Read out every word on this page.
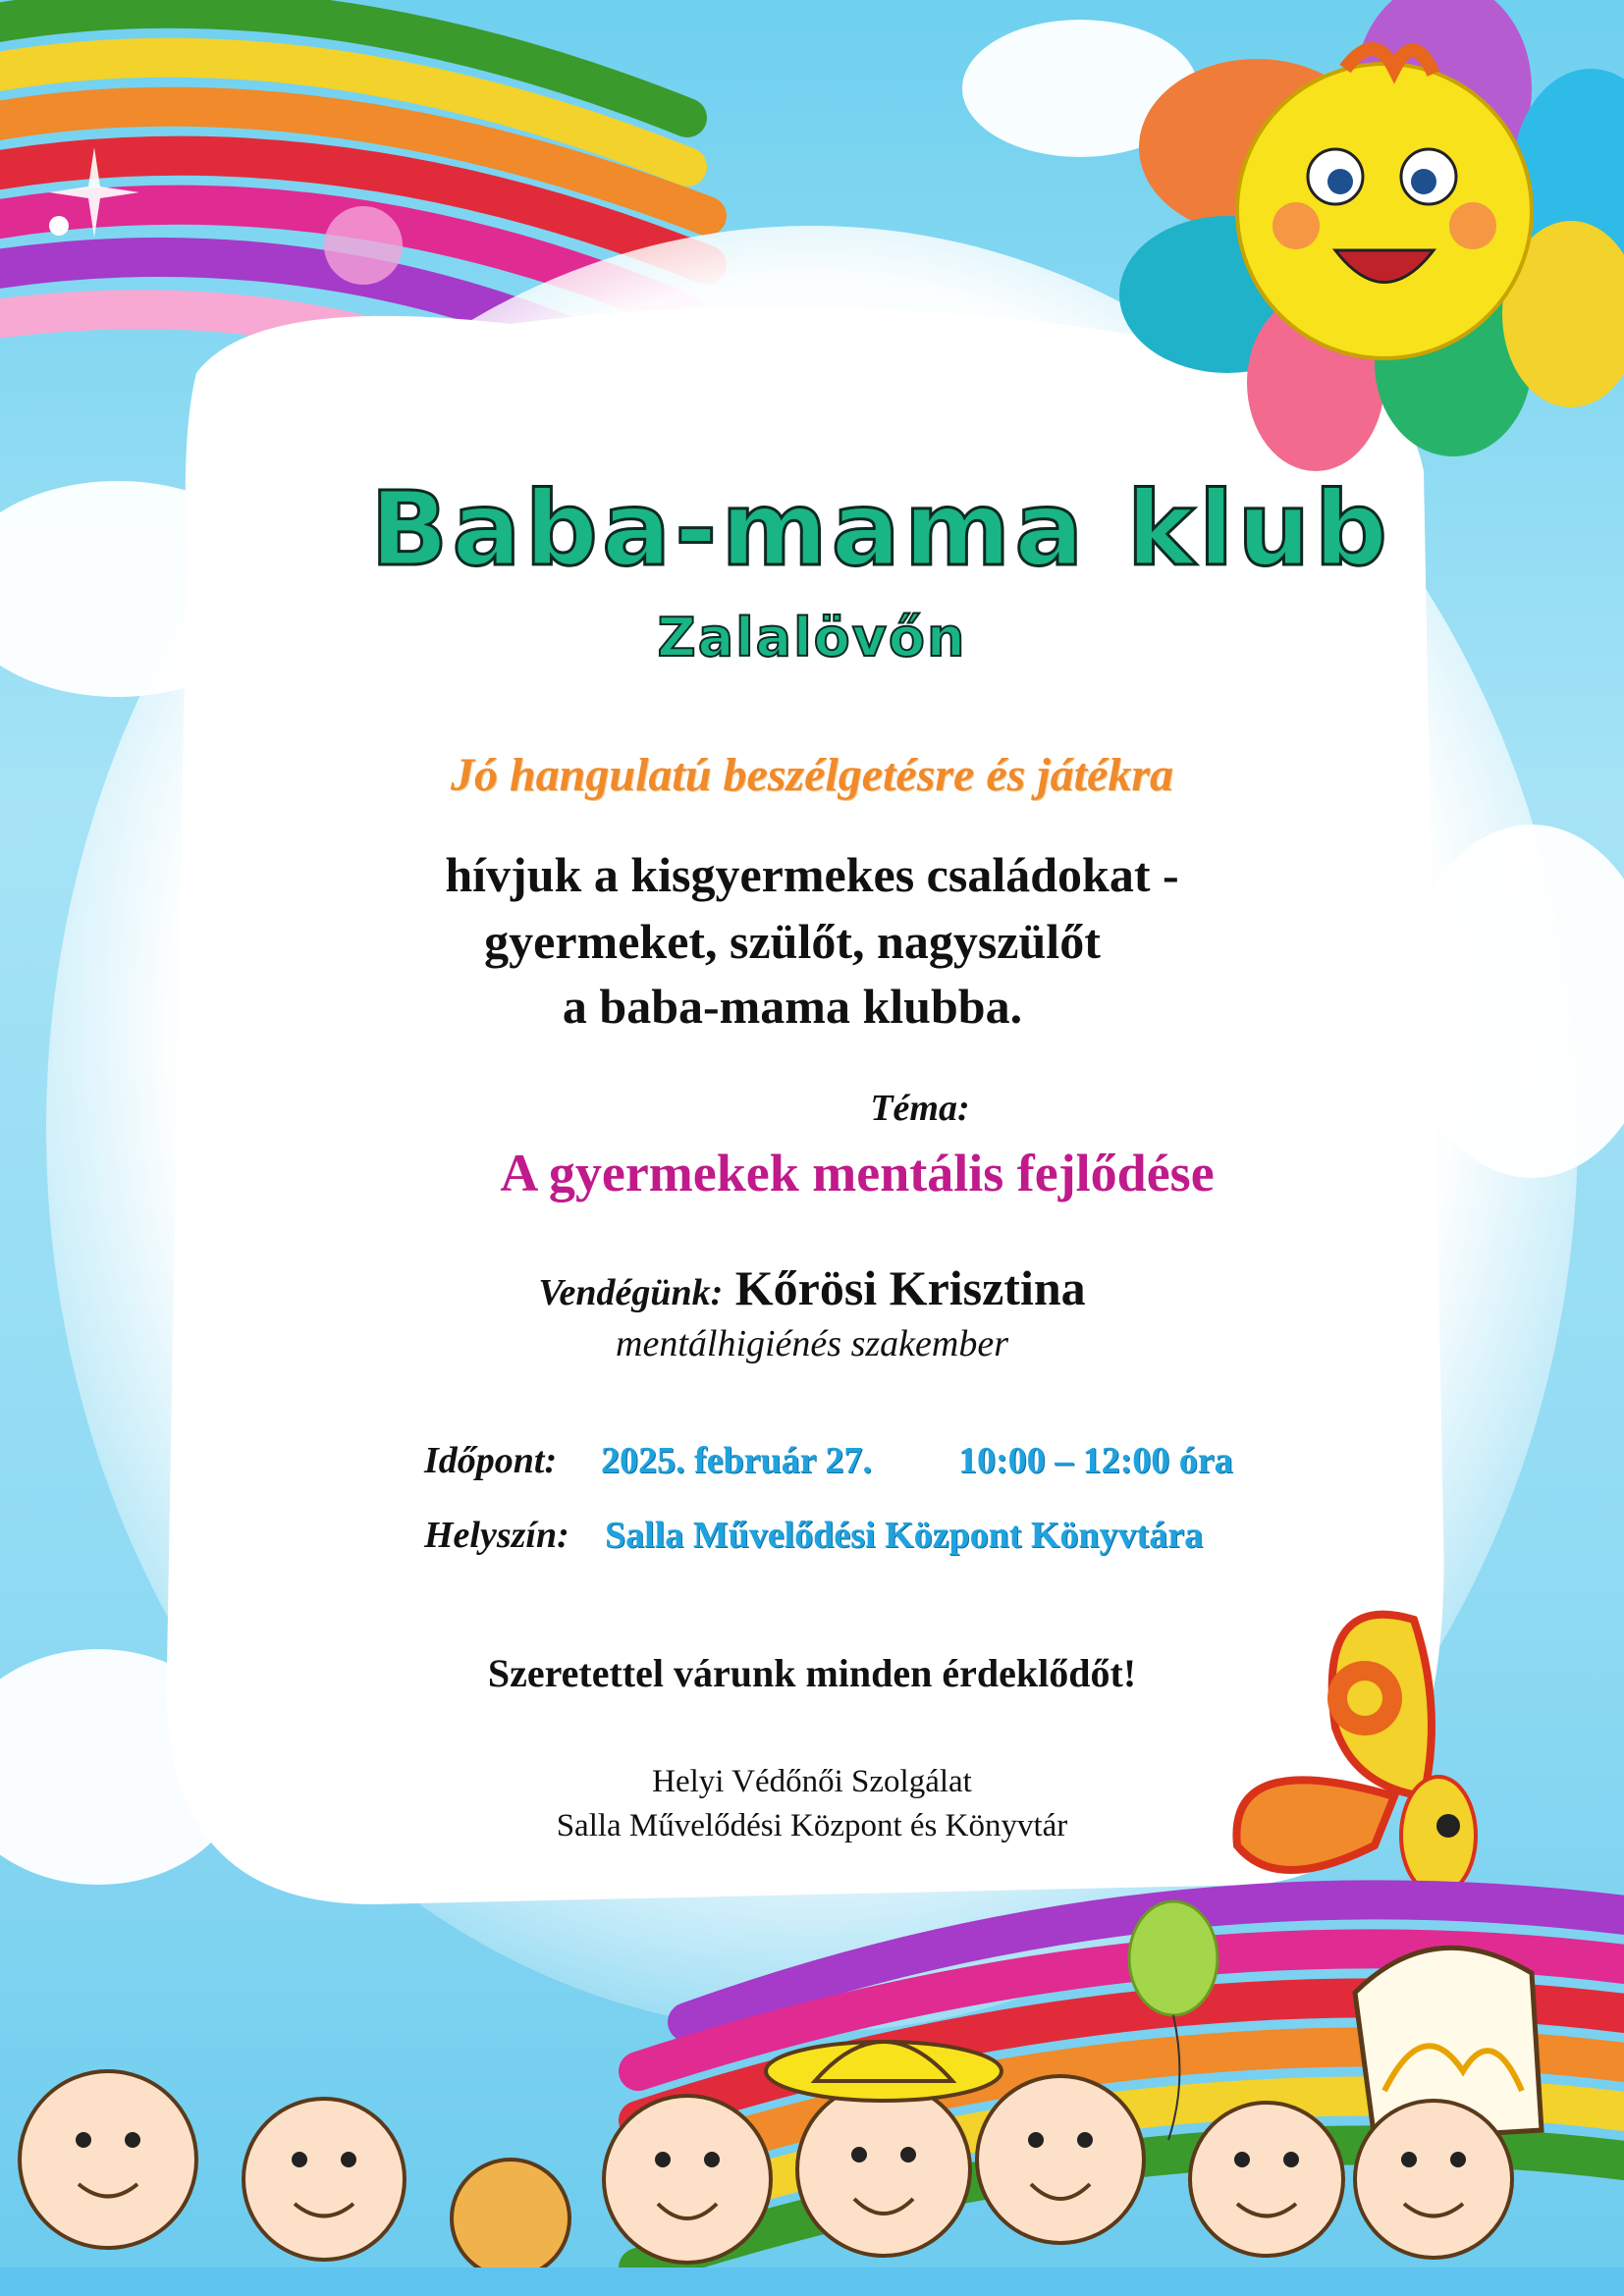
Baba-mama klub
Zalalövőn
Jó hangulatú beszélgetésre és játékra
hívjuk a kisgyermekes családokat -
gyermeket, szülőt, nagyszülőt
a baba-mama klubba.
Téma:
A gyermekek mentális fejlődése
Vendégünk: Kőrösi Krisztina
mentálhigiénés szakember
Időpont: 2025. február 27. 10:00 – 12:00 óra
Helyszín: Salla Művelődési Központ Könyvtára
Szeretettel várunk minden érdeklődőt!
Helyi Védőnői Szolgálat
Salla Művelődési Központ és Könyvtár
